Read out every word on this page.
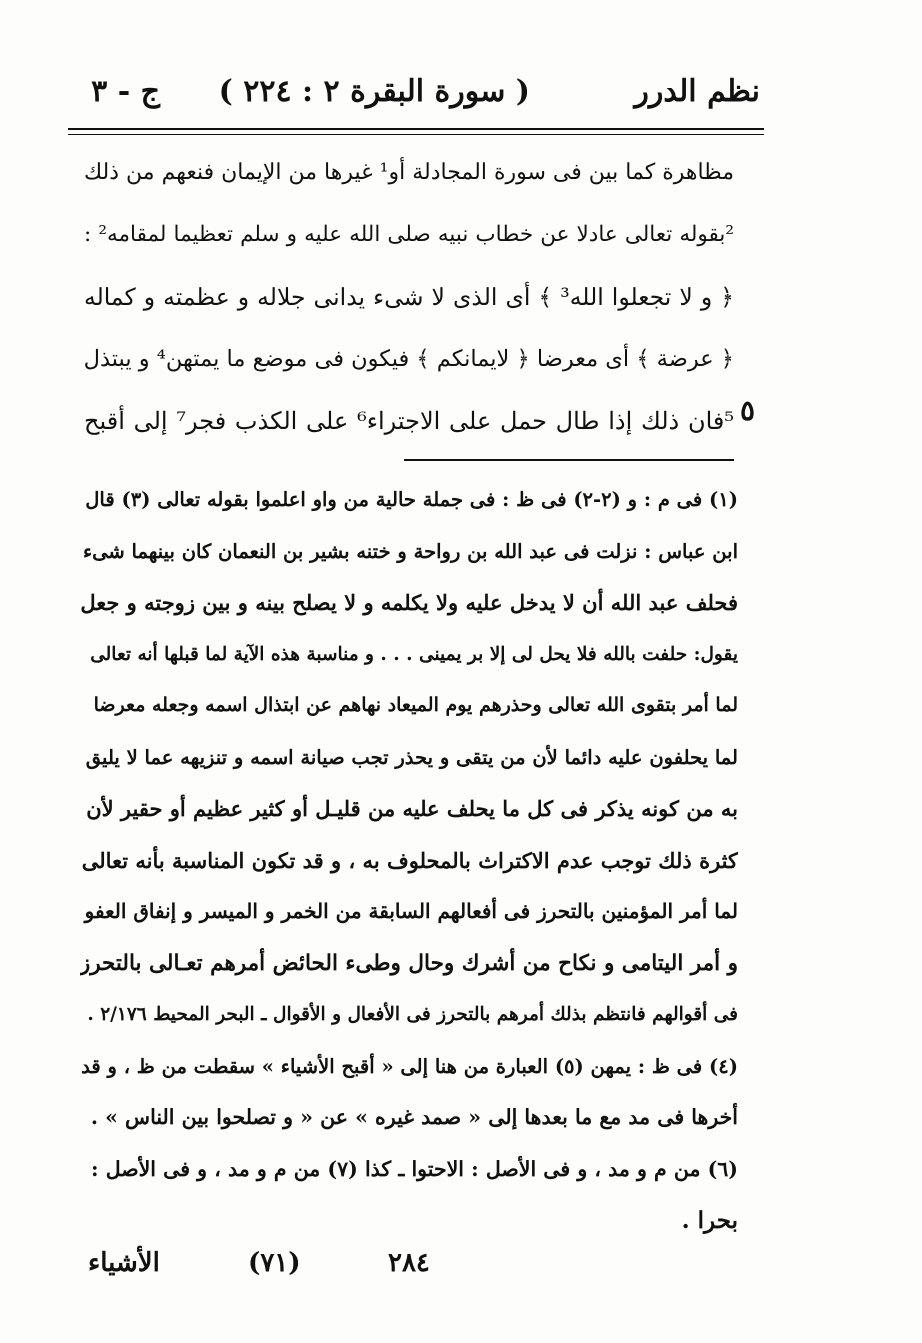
نظم الدرر
( سورة البقرة ٢ : ٢٢٤ )
ج - ٣

مظاهرة كما بين فى سورة المجادلة أو¹ غيرها من الإيمان فنعهم من ذلك

²بقوله تعالى عادلا عن خطاب نبيه صلى الله عليه و سلم تعظيما لمقامه² :

﴿ و لا تجعلوا الله³ ﴾ أى الذى لا شىء يدانى جلاله و عظمته و كماله

﴿ عرضة ﴾ أى معرضا ﴿ لايمانكم ﴾ فيكون فى موضع ما يمتهن⁴ و يبتذل

⁵فان ذلك إذا طال حمل على الاجتراء⁶ على الكذب فجر⁷ إلى أقبح ٥

(١) فى م : و (٢-٢) فى ظ : فى جملة حالية من واو اعلموا بقوله تعالى (٣) قال

ابن عباس : نزلت فى عبد الله بن رواحة و ختنه بشير بن النعمان كان بينهما شىء

فحلف عبد الله أن لا يدخل عليه ولا يكلمه و لا يصلح بينه و بين زوجته و جعل

يقول: حلفت بالله فلا يحل لى إلا بر يمينى . . . و مناسبة هذه الآية لما قبلها أنه تعالى

لما أمر بتقوى الله تعالى وحذرهم يوم الميعاد نهاهم عن ابتذال اسمه وجعله معرضا

لما يحلفون عليه دائما لأن من يتقى و يحذر تجب صيانة اسمه و تنزيهه عما لا يليق

به من كونه يذكر فى كل ما يحلف عليه من قليـل أو كثير عظيم أو حقير لأن

كثرة ذلك توجب عدم الاكتراث بالمحلوف به ، و قد تكون المناسبة بأنه تعالى

لما أمر المؤمنين بالتحرز فى أفعالهم السابقة من الخمر و الميسر و إنفاق العفو

و أمر اليتامى و نكاح من أشرك وحال وطىء الحائض أمرهم تعـالى بالتحرز

فى أقوالهم فانتظم بذلك أمرهم بالتحرز فى الأفعال و الأقوال ـ البحر المحيط ٢/١٧٦ .

(٤) فى ظ : يمهن (٥) العبارة من هنا إلى « أقبح الأشياء » سقطت من ظ ، و قد

أخرها فى مد مع ما بعدها إلى « صمد غيره » عن « و تصلحوا بين الناس » .

(٦) من م و مد ، و فى الأصل : الاحتوا ـ كذا (٧) من م و مد ، و فى الأصل :

بحرا .

٢٨٤
(٧١)
الأشياء
